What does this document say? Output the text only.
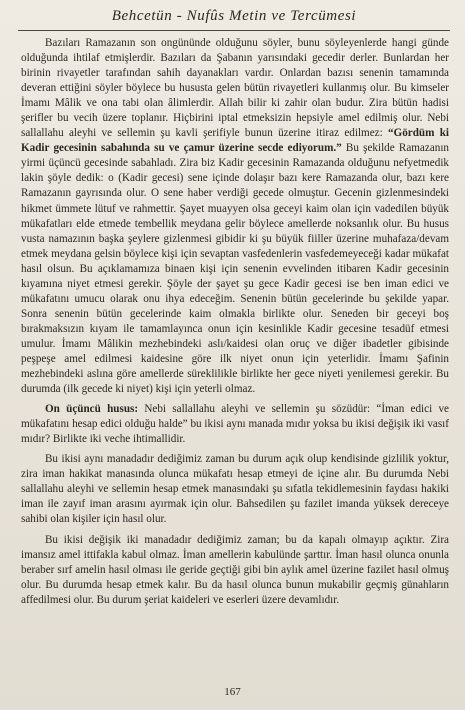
Behcetün - Nufûs Metin ve Tercümesi

Bazıları Ramazanın son ongününde olduğunu söyler, bunu söyleyenlerde hangi günde olduğunda ihtilaf etmişlerdir. Bazıları da Şabanın yarısındaki gecedir derler. Bunlardan her birinin rivayetler tarafından sahih dayanakları vardır. Onlardan bazısı senenin tamamında deveran ettiğini söyler böylece bu hususta gelen bütün rivayetleri kullanmış olur. Bu kimseler İmamı Mâlik ve ona tabi olan âlimlerdir. Allah bilir ki zahir olan budur. Zira bütün hadisi şerifler bu vecih üzere toplanır. Hiçbirini iptal etmeksizin hepsiyle amel edilmiş olur. Nebi sallallahu aleyhi ve sellemin şu kavli şerifiyle bunun üzerine itiraz edilmez: “Gördüm ki Kadir gecesinin sabahında su ve çamur üzerine secde ediyorum.” Bu şekilde Ramazanın yirmi üçüncü gecesinde sabahladı. Zira biz Kadir gecesinin Ramazanda olduğunu nefyetmedik lakin şöyle dedik: o (Kadir gecesi) sene içinde dolaşır bazı kere Ramazanda olur, bazı kere Ramazanın gayrısında olur. O sene haber verdiği gecede olmuştur. Gecenin gizlenmesindeki hikmet ümmete lütuf ve rahmettir. Şayet muayyen olsa geceyi kaim olan için vadedilen büyük mükafatları elde etmede tembellik meydana gelir böylece amellerde noksanlık olur. Bu husus vusta namazının başka şeylere gizlenmesi gibidir ki şu büyük fiiller üzerine muhafaza/devam etmek meydana gelsin böylece kişi için sevaptan vasfedenlerin vasfedemeyeceği kadar mükafat hasıl olsun. Bu açıklamamıza binaen kişi için senenin evvelinden itibaren Kadir gecesinin kıyamına niyet etmesi gerekir. Şöyle der şayet şu gece Kadir gecesi ise ben iman edici ve mükafatını umucu olarak onu ihya edeceğim. Senenin bütün gecelerinde bu şekilde yapar. Sonra senenin bütün gecelerinde kaim olmakla birlikte olur. Seneden bir geceyi boş bırakmaksızın kıyam ile tamamlayınca onun için kesinlikle Kadir gecesine tesadüf etmesi umulur. İmamı Mâlikin mezhebindeki aslı/kaidesi olan oruç ve diğer ibadetler gibisinde peşpeşe amel edilmesi kaidesine göre ilk niyet onun için yeterlidir. İmamı Şafinin mezhebindeki aslına göre amellerde süreklilikle birlikte her gece niyeti yenilemesi gerekir. Bu durumda (ilk gecede ki niyet) kişi için yeterli olmaz.

On üçüncü husus: Nebi sallallahu aleyhi ve sellemin şu sözüdür: “İman edici ve mükafatını hesap edici olduğu halde” bu ikisi aynı manada mıdır yoksa bu ikisi değişik iki vasıf mıdır? Birlikte iki veche ihtimallidir.

Bu ikisi aynı manadadır dediğimiz zaman bu durum açık olup kendisinde gizlilik yoktur, zira iman hakikat manasında olunca mükafatı hesap etmeyi de içine alır. Bu durumda Nebi sallallahu aleyhi ve sellemin hesap etmek manasındaki şu sıfatla tekidlemesinin faydası hakiki iman ile zayıf iman arasını ayırmak için olur. Bahsedilen şu fazilet imanda yüksek dereceye sahibi olan kişiler için hasıl olur.

Bu ikisi değişik iki manadadır dediğimiz zaman; bu da kapalı olmayıp açıktır. Zira imansız amel ittifakla kabul olmaz. İman amellerin kabulünde şarttır. İman hasıl olunca onunla beraber sırf amelin hasıl olması ile geride geçtiği gibi bin aylık amel üzerine fazilet hasıl olmuş olur. Bu durumda hesap etmek kalır. Bu da hasıl olunca bunun mukabilir geçmiş günahların affedilmesi olur. Bu durum şeriat kaideleri ve eserleri üzere devamlıdır.

167
